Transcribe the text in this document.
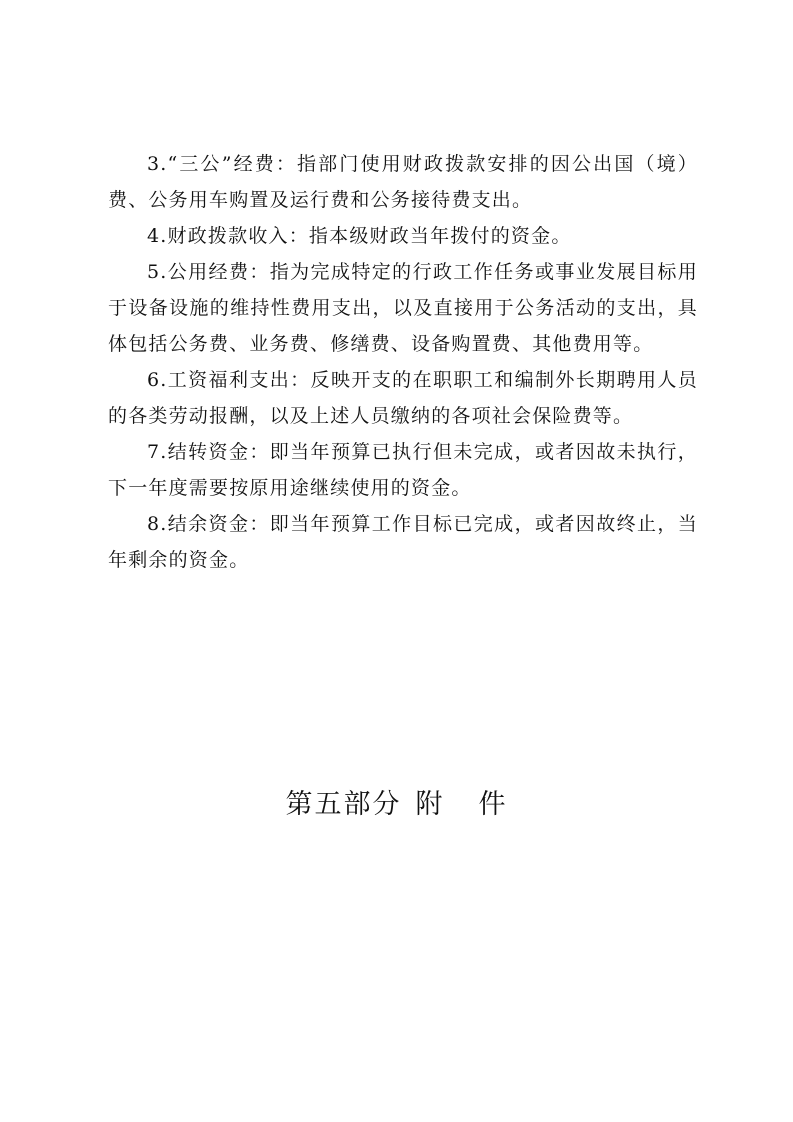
3.“三公”经费：指部门使用财政拨款安排的因公出国（境）费、公务用车购置及运行费和公务接待费支出。

4.财政拨款收入：指本级财政当年拨付的资金。

5.公用经费：指为完成特定的行政工作任务或事业发展目标用于设备设施的维持性费用支出，以及直接用于公务活动的支出，具体包括公务费、业务费、修缮费、设备购置费、其他费用等。

6.工资福利支出：反映开支的在职职工和编制外长期聘用人员的各类劳动报酬，以及上述人员缴纳的各项社会保险费等。

7.结转资金：即当年预算已执行但未完成，或者因故未执行，下一年度需要按原用途继续使用的资金。

8.结余资金：即当年预算工作目标已完成，或者因故终止，当年剩余的资金。

第五部分 附 件
